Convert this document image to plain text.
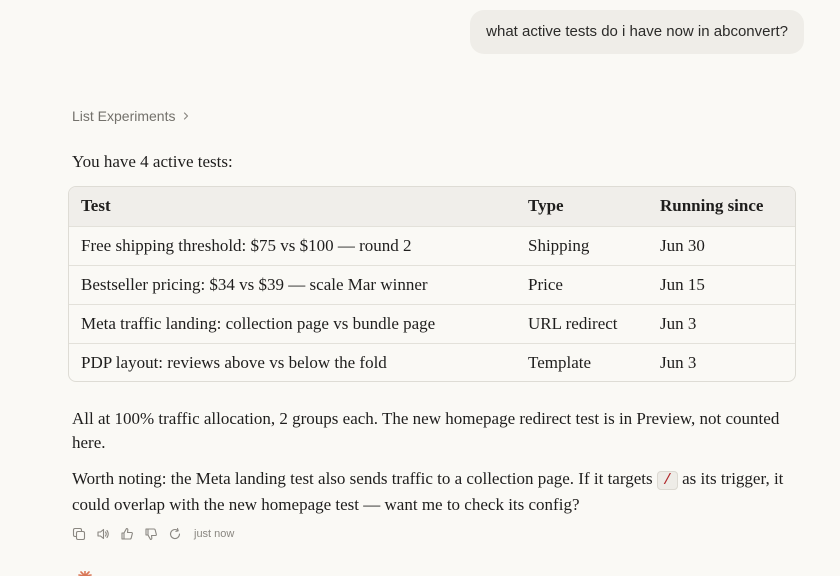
what active tests do i have now in abconvert?
List Experiments
You have 4 active tests:
Test	Type	Running since
Free shipping threshold: $75 vs $100 — round 2	Shipping	Jun 30
Bestseller pricing: $34 vs $39 — scale Mar winner	Price	Jun 15
Meta traffic landing: collection page vs bundle page	URL redirect	Jun 3
PDP layout: reviews above vs below the fold	Template	Jun 3

All at 100% traffic allocation, 2 groups each. The new homepage redirect test is in Preview, not counted here.

Worth noting: the Meta landing test also sends traffic to a collection page. If it targets / as its trigger, it could overlap with the new homepage test — want me to check its config?

just now
